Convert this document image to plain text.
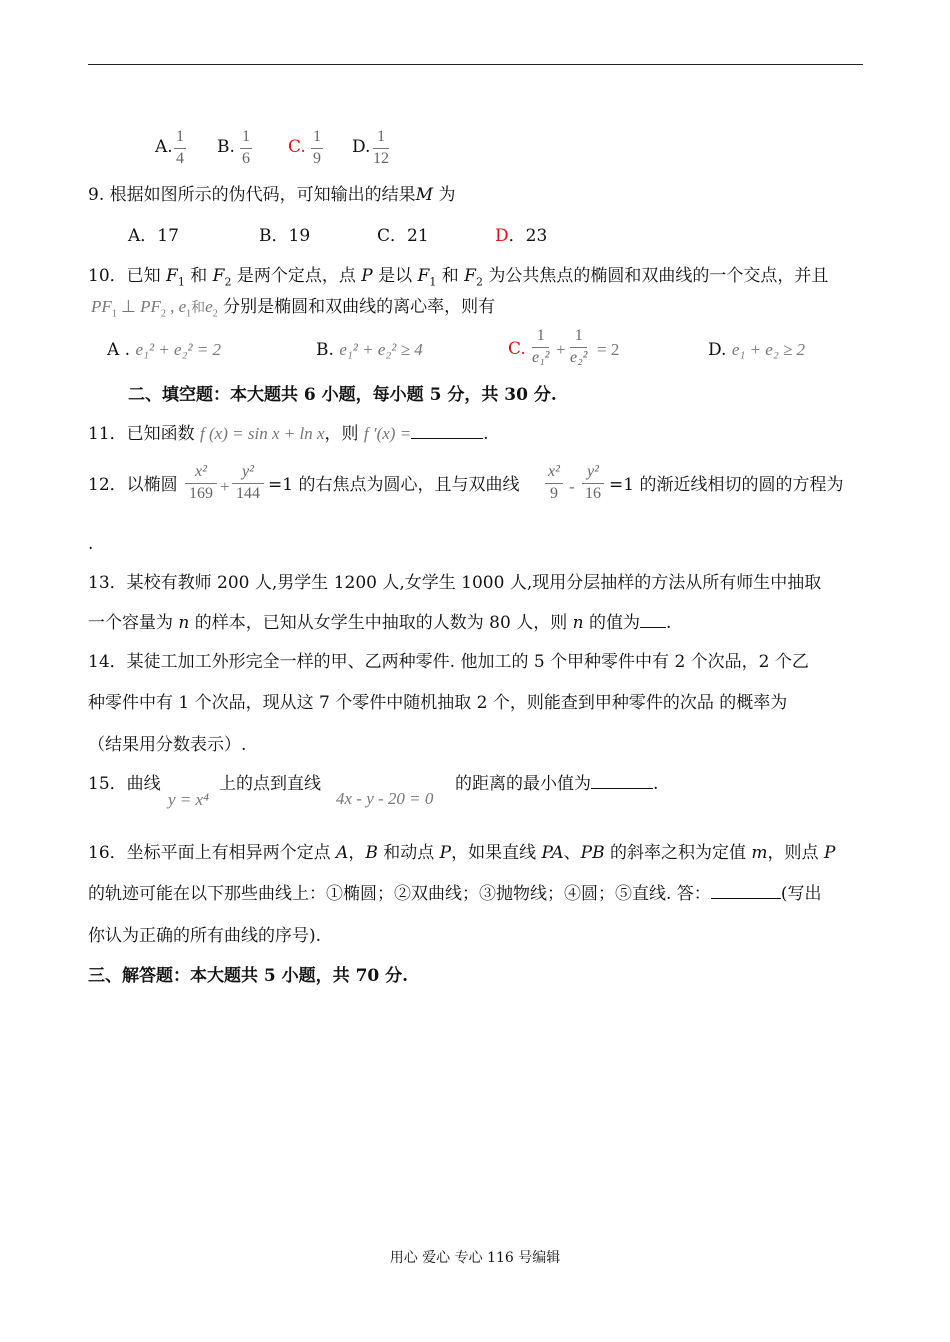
A.
1
4
B.
1
6
C.
1
9
D.
1
12
9. 根据如图所示的伪代码，可知输出的结果M 为
A．17	B．19	C．21	D．23
10．已知 $F_1$ 和 $F_2$ 是两个定点，点 P 是以 $F_1$ 和 $F_2$ 为公共焦点的椭圆和双曲线的一个交点，并且
$PF_1$ ⊥ $PF_2$ , $e_1$和$e_2$ 分别是椭圆和双曲线的离心率，则有
A . e₁² + e₂² = 2	B. e₁² + e₂² ≥ 4	C.
1
e₁² +
1
e₂² = 2	D. e₁ + e₂ ≥ 2
二、填空题：本大题共 6 小题，每小题 5 分，共 30 分.
11．已知函数 f (x) = sin x + ln x，则 f ′(x) =	.
12．以椭圆
x²
169 +
y²
144 =1 的右焦点为圆心，且与双曲线
x²
9 -
y²
16 =1 的渐近线相切的圆的方程为
.
13．某校有教师 200 人,男学生 1200 人,女学生 1000 人,现用分层抽样的方法从所有师生中抽取
一个容量为 n 的样本，已知从女学生中抽取的人数为 80 人，则 n 的值为 .
14．某徒工加工外形完全一样的甲、乙两种零件. 他加工的 5 个甲种零件中有 2 个次品，2 个乙
种零件中有 1 个次品，现从这 7 个零件中随机抽取 2 个，则能查到甲种零件的次品 的概率为
（结果用分数表示）.
15．曲线
y = x⁴
上的点到直线
4x - y - 20 = 0
的距离的最小值为	.
16．坐标平面上有相异两个定点 A，B 和动点 P，如果直线 PA、PB 的斜率之积为定值 m，则点 P
的轨迹可能在以下那些曲线上：①椭圆；②双曲线；③抛物线；④圆；⑤直线. 答：	(写出
你认为正确的所有曲线的序号).
三、解答题：本大题共 5 小题，共 70 分.
用心 爱心 专心 116 号编辑
